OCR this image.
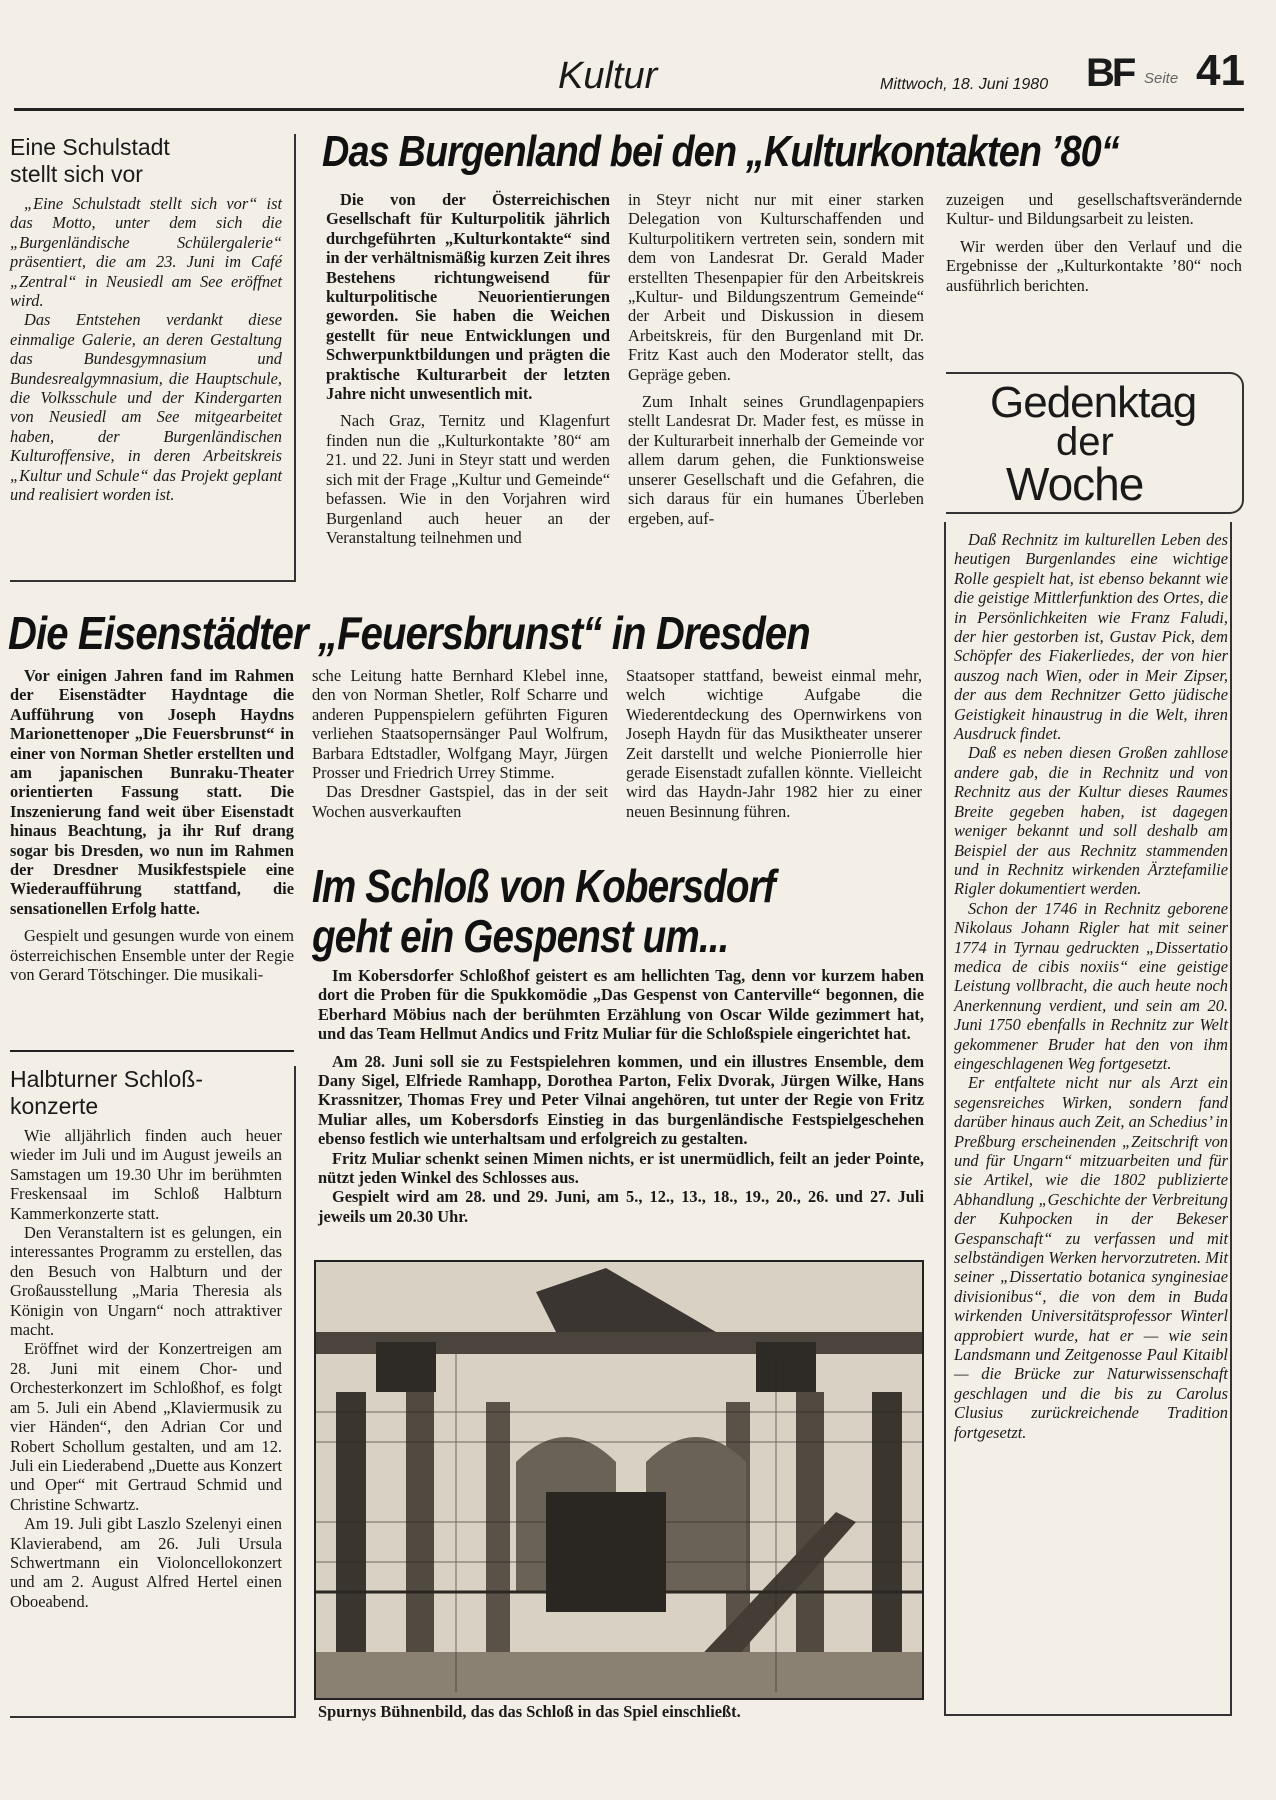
Kultur	Mittwoch, 18. Juni 1980 BF Seite 41
Eine Schulstadt
stellt sich vor

„Eine Schulstadt stellt sich vor“ ist das Motto, unter dem sich die „Burgenländische Schülergalerie“ präsentiert, die am 23. Juni im Café „Zentral“ in Neusiedl am See eröffnet wird.

Das Entstehen verdankt diese einmalige Galerie, an deren Gestaltung das Bundesgymnasium und Bundesrealgymnasium, die Hauptschule, die Volksschule und der Kindergarten von Neusiedl am See mitgearbeitet haben, der Burgenländischen Kulturoffensive, in deren Arbeitskreis „Kultur und Schule“ das Projekt geplant und realisiert worden ist.

Das Burgenland bei den „Kulturkontakten ’80“

Die von der Österreichischen Gesellschaft für Kulturpolitik jährlich durchgeführten „Kulturkontakte“ sind in der verhältnismäßig kurzen Zeit ihres Bestehens richtungweisend für kulturpolitische Neuorientierungen geworden. Sie haben die Weichen gestellt für neue Entwicklungen und Schwerpunktbildungen und prägten die praktische Kulturarbeit der letzten Jahre nicht unwesentlich mit.

Nach Graz, Ternitz und Klagenfurt finden nun die „Kulturkontakte ’80“ am 21. und 22. Juni in Steyr statt und werden sich mit der Frage „Kultur und Gemeinde“ befassen. Wie in den Vorjahren wird Burgenland auch heuer an der Veranstaltung teilnehmen und

in Steyr nicht nur mit einer starken Delegation von Kulturschaffenden und Kulturpolitikern vertreten sein, sondern mit dem von Landesrat Dr. Gerald Mader erstellten Thesenpapier für den Arbeitskreis „Kultur- und Bildungszentrum Gemeinde“ der Arbeit und Diskussion in diesem Arbeitskreis, für den Burgenland mit Dr. Fritz Kast auch den Moderator stellt, das Gepräge geben.

Zum Inhalt seines Grundlagenpapiers stellt Landesrat Dr. Mader fest, es müsse in der Kulturarbeit innerhalb der Gemeinde vor allem darum gehen, die Funktionsweise unserer Gesellschaft und die Gefahren, die sich daraus für ein humanes Überleben ergeben, auf-

zuzeigen und gesellschaftsverändernde Kultur- und Bildungsarbeit zu leisten.

Wir werden über den Verlauf und die Ergebnisse der „Kulturkontakte ’80“ noch ausführlich berichten.

Gedenktag
der
Woche

Daß Rechnitz im kulturellen Leben des heutigen Burgenlandes eine wichtige Rolle gespielt hat, ist ebenso bekannt wie die geistige Mittlerfunktion des Ortes, die in Persönlichkeiten wie Franz Faludi, der hier gestorben ist, Gustav Pick, dem Schöpfer des Fiakerliedes, der von hier auszog nach Wien, oder in Meir Zipser, der aus dem Rechnitzer Getto jüdische Geistigkeit hinaustrug in die Welt, ihren Ausdruck findet.

Daß es neben diesen Großen zahllose andere gab, die in Rechnitz und von Rechnitz aus der Kultur dieses Raumes Breite gegeben haben, ist dagegen weniger bekannt und soll deshalb am Beispiel der aus Rechnitz stammenden und in Rechnitz wirkenden Ärztefamilie Rigler dokumentiert werden.

Schon der 1746 in Rechnitz geborene Nikolaus Johann Rigler hat mit seiner 1774 in Tyrnau gedruckten „Dissertatio medica de cibis noxiis“ eine geistige Leistung vollbracht, die auch heute noch Anerkennung verdient, und sein am 20. Juni 1750 ebenfalls in Rechnitz zur Welt gekommener Bruder hat den von ihm eingeschlagenen Weg fortgesetzt.

Er entfaltete nicht nur als Arzt ein segensreiches Wirken, sondern fand darüber hinaus auch Zeit, an Schedius’ in Preßburg erscheinenden „Zeitschrift von und für Ungarn“ mitzuarbeiten und für sie Artikel, wie die 1802 publizierte Abhandlung „Geschichte der Verbreitung der Kuhpocken in der Bekeser Gespanschaft“ zu verfassen und mit selbständigen Werken hervorzutreten. Mit seiner „Dissertatio botanica synginesiae divisionibus“, die von dem in Buda wirkenden Universitätsprofessor Winterl approbiert wurde, hat er — wie sein Landsmann und Zeitgenosse Paul Kitaibl — die Brücke zur Naturwissenschaft geschlagen und die bis zu Carolus Clusius zurückreichende Tradition fortgesetzt.

Die Eisenstädter „Feuersbrunst“ in Dresden

Vor einigen Jahren fand im Rahmen der Eisenstädter Haydntage die Aufführung von Joseph Haydns Marionettenoper „Die Feuersbrunst“ in einer von Norman Shetler erstellten und am japanischen Bunraku-Theater orientierten Fassung statt. Die Inszenierung fand weit über Eisenstadt hinaus Beachtung, ja ihr Ruf drang sogar bis Dresden, wo nun im Rahmen der Dresdner Musikfestspiele eine Wiederaufführung stattfand, die sensationellen Erfolg hatte.

Gespielt und gesungen wurde von einem österreichischen Ensemble unter der Regie von Gerard Tötschinger. Die musikali-

sche Leitung hatte Bernhard Klebel inne, den von Norman Shetler, Rolf Scharre und anderen Puppenspielern geführten Figuren verliehen Staatsopernsänger Paul Wolfrum, Barbara Edtstadler, Wolfgang Mayr, Jürgen Prosser und Friedrich Urrey Stimme.

Das Dresdner Gastspiel, das in der seit Wochen ausverkauften

Staatsoper stattfand, beweist einmal mehr, welch wichtige Aufgabe die Wiederentdeckung des Opernwirkens von Joseph Haydn für das Musiktheater unserer Zeit darstellt und welche Pionierrolle hier gerade Eisenstadt zufallen könnte. Vielleicht wird das Haydn-Jahr 1982 hier zu einer neuen Besinnung führen.

Im Schloß von Kobersdorf
geht ein Gespenst um...

Im Kobersdorfer Schloßhof geistert es am hellichten Tag, denn vor kurzem haben dort die Proben für die Spukkomödie „Das Gespenst von Canterville“ begonnen, die Eberhard Möbius nach der berühmten Erzählung von Oscar Wilde gezimmert hat, und das Team Hellmut Andics und Fritz Muliar für die Schloßspiele eingerichtet hat.

Am 28. Juni soll sie zu Festspielehren kommen, und ein illustres Ensemble, dem Dany Sigel, Elfriede Ramhapp, Dorothea Parton, Felix Dvorak, Jürgen Wilke, Hans Krassnitzer, Thomas Frey und Peter Vilnai angehören, tut unter der Regie von Fritz Muliar alles, um Kobersdorfs Einstieg in das burgenländische Festspielgeschehen ebenso festlich wie unterhaltsam und erfolgreich zu gestalten.

Fritz Muliar schenkt seinen Mimen nichts, er ist unermüdlich, feilt an jeder Pointe, nützt jeden Winkel des Schlosses aus.

Gespielt wird am 28. und 29. Juni, am 5., 12., 13., 18., 19., 20., 26. und 27. Juli jeweils um 20.30 Uhr.

Spurnys Bühnenbild, das das Schloß in das Spiel einschließt.
Halbturner Schloß-
konzerte

Wie alljährlich finden auch heuer wieder im Juli und im August jeweils an Samstagen um 19.30 Uhr im berühmten Freskensaal im Schloß Halbturn Kammerkonzerte statt.

Den Veranstaltern ist es gelungen, ein interessantes Programm zu erstellen, das den Besuch von Halbturn und der Großausstellung „Maria Theresia als Königin von Ungarn“ noch attraktiver macht.

Eröffnet wird der Konzertreigen am 28. Juni mit einem Chor- und Orchesterkonzert im Schloßhof, es folgt am 5. Juli ein Abend „Klaviermusik zu vier Händen“, den Adrian Cor und Robert Schollum gestalten, und am 12. Juli ein Liederabend „Duette aus Konzert und Oper“ mit Gertraud Schmid und Christine Schwartz.

Am 19. Juli gibt Laszlo Szelenyi einen Klavierabend, am 26. Juli Ursula Schwertmann ein Violoncellokonzert und am 2. August Alfred Hertel einen Oboeabend.
